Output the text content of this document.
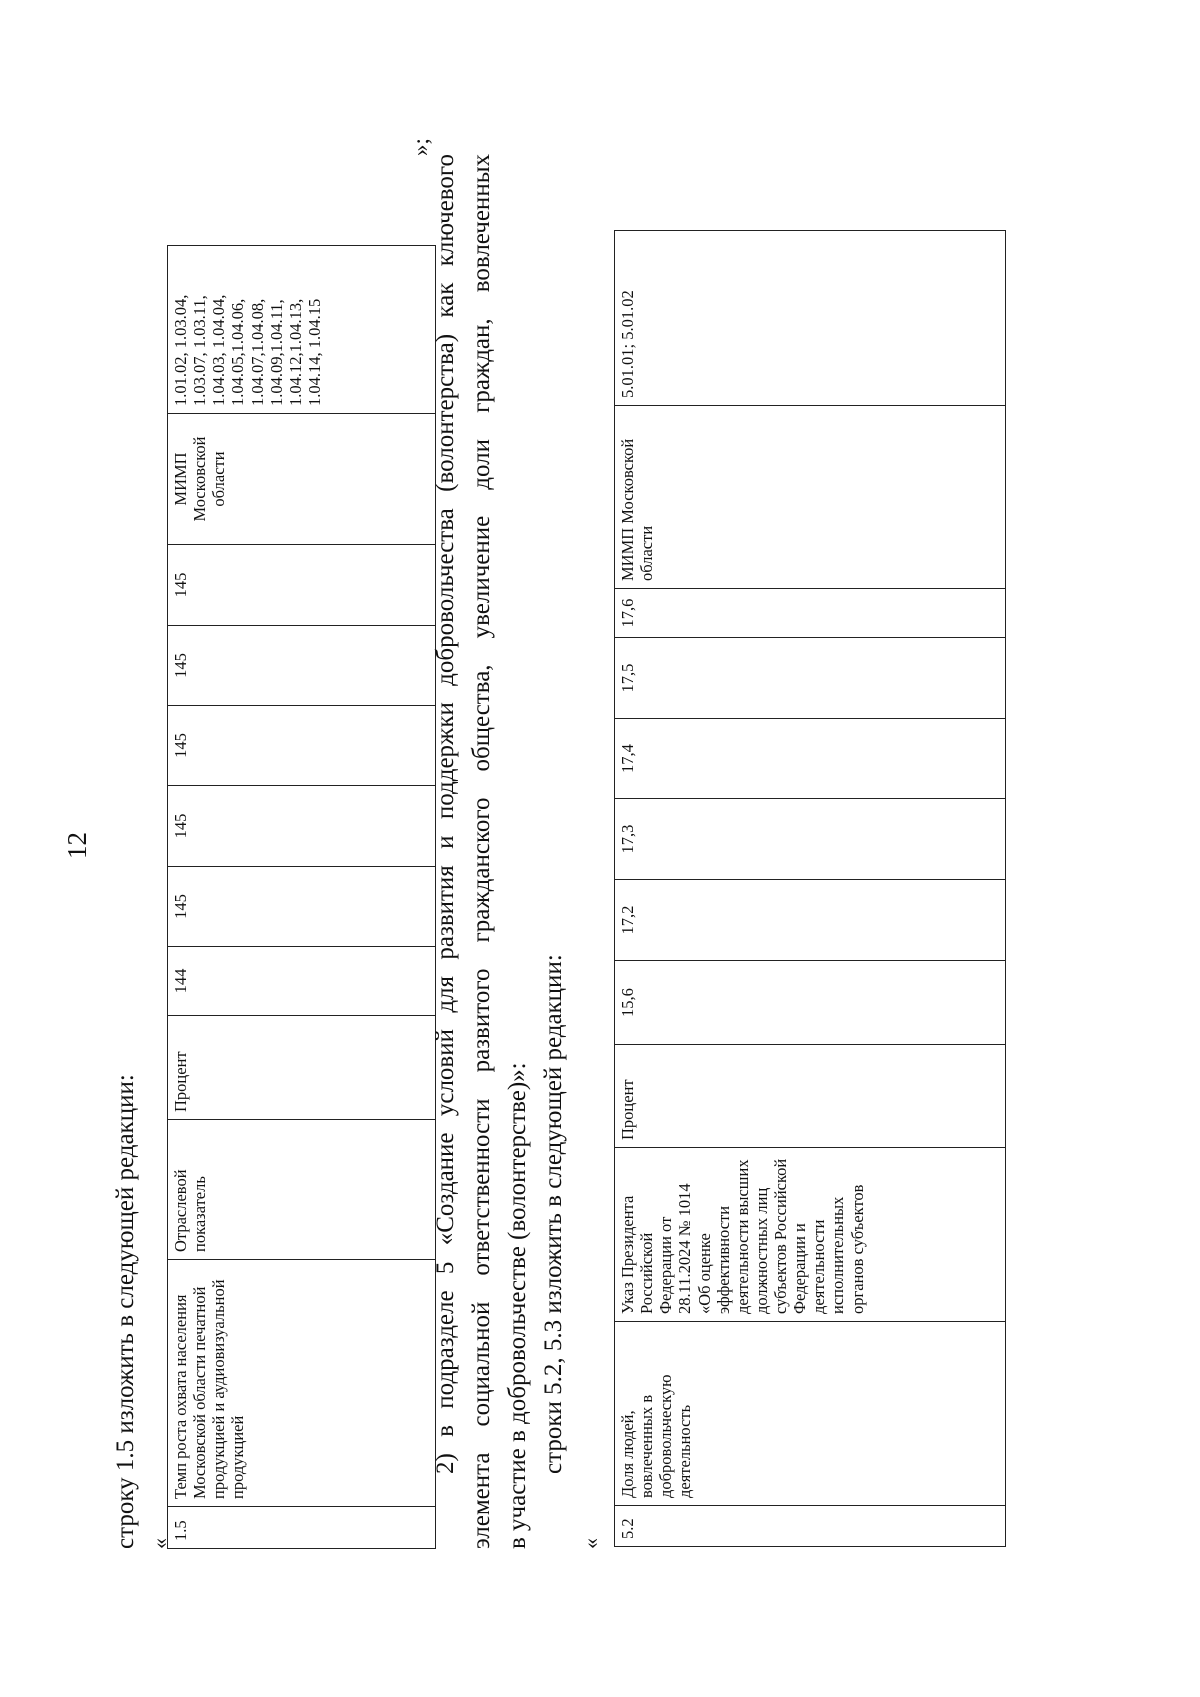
12
строку 1.5 изложить в следующей редакции: «
1.5	Темп роста охвата населения Московской области печатной продукцией и аудиовизуальной продукцией	Отраслевой показатель	Процент	144	145	145	145	145	145	МИМП Московской области	1.01.02, 1.03.04, 1.03.07, 1.03.11, 1.04.03, 1.04.04, 1.04.05,1.04.06, 1.04.07,1.04.08, 1.04.09,1.04.11, 1.04.12,1.04.13, 1.04.14, 1.04.15
»;
2) в подразделе 5 «Создание условий для развития и поддержки добровольчества (волонтерства) как ключевого элемента социальной ответственности развитого гражданского общества, увеличение доли граждан, вовлеченных в участие в добровольчестве (волонтерстве)»: строки 5.2, 5.3 изложить в следующей редакции:
«
5.2	Доля людей, вовлеченных в добровольческую деятельность	Указ Президента Российской Федерации от 28.11.2024 № 1014 «Об оценке эффективности деятельности высших должностных лиц субъектов Российской Федерации и деятельности исполнительных органов субъектов	Процент	15,6	17,2	17,3	17,4	17,5	17,6	МИМП Московской области	5.01.01; 5.01.02
